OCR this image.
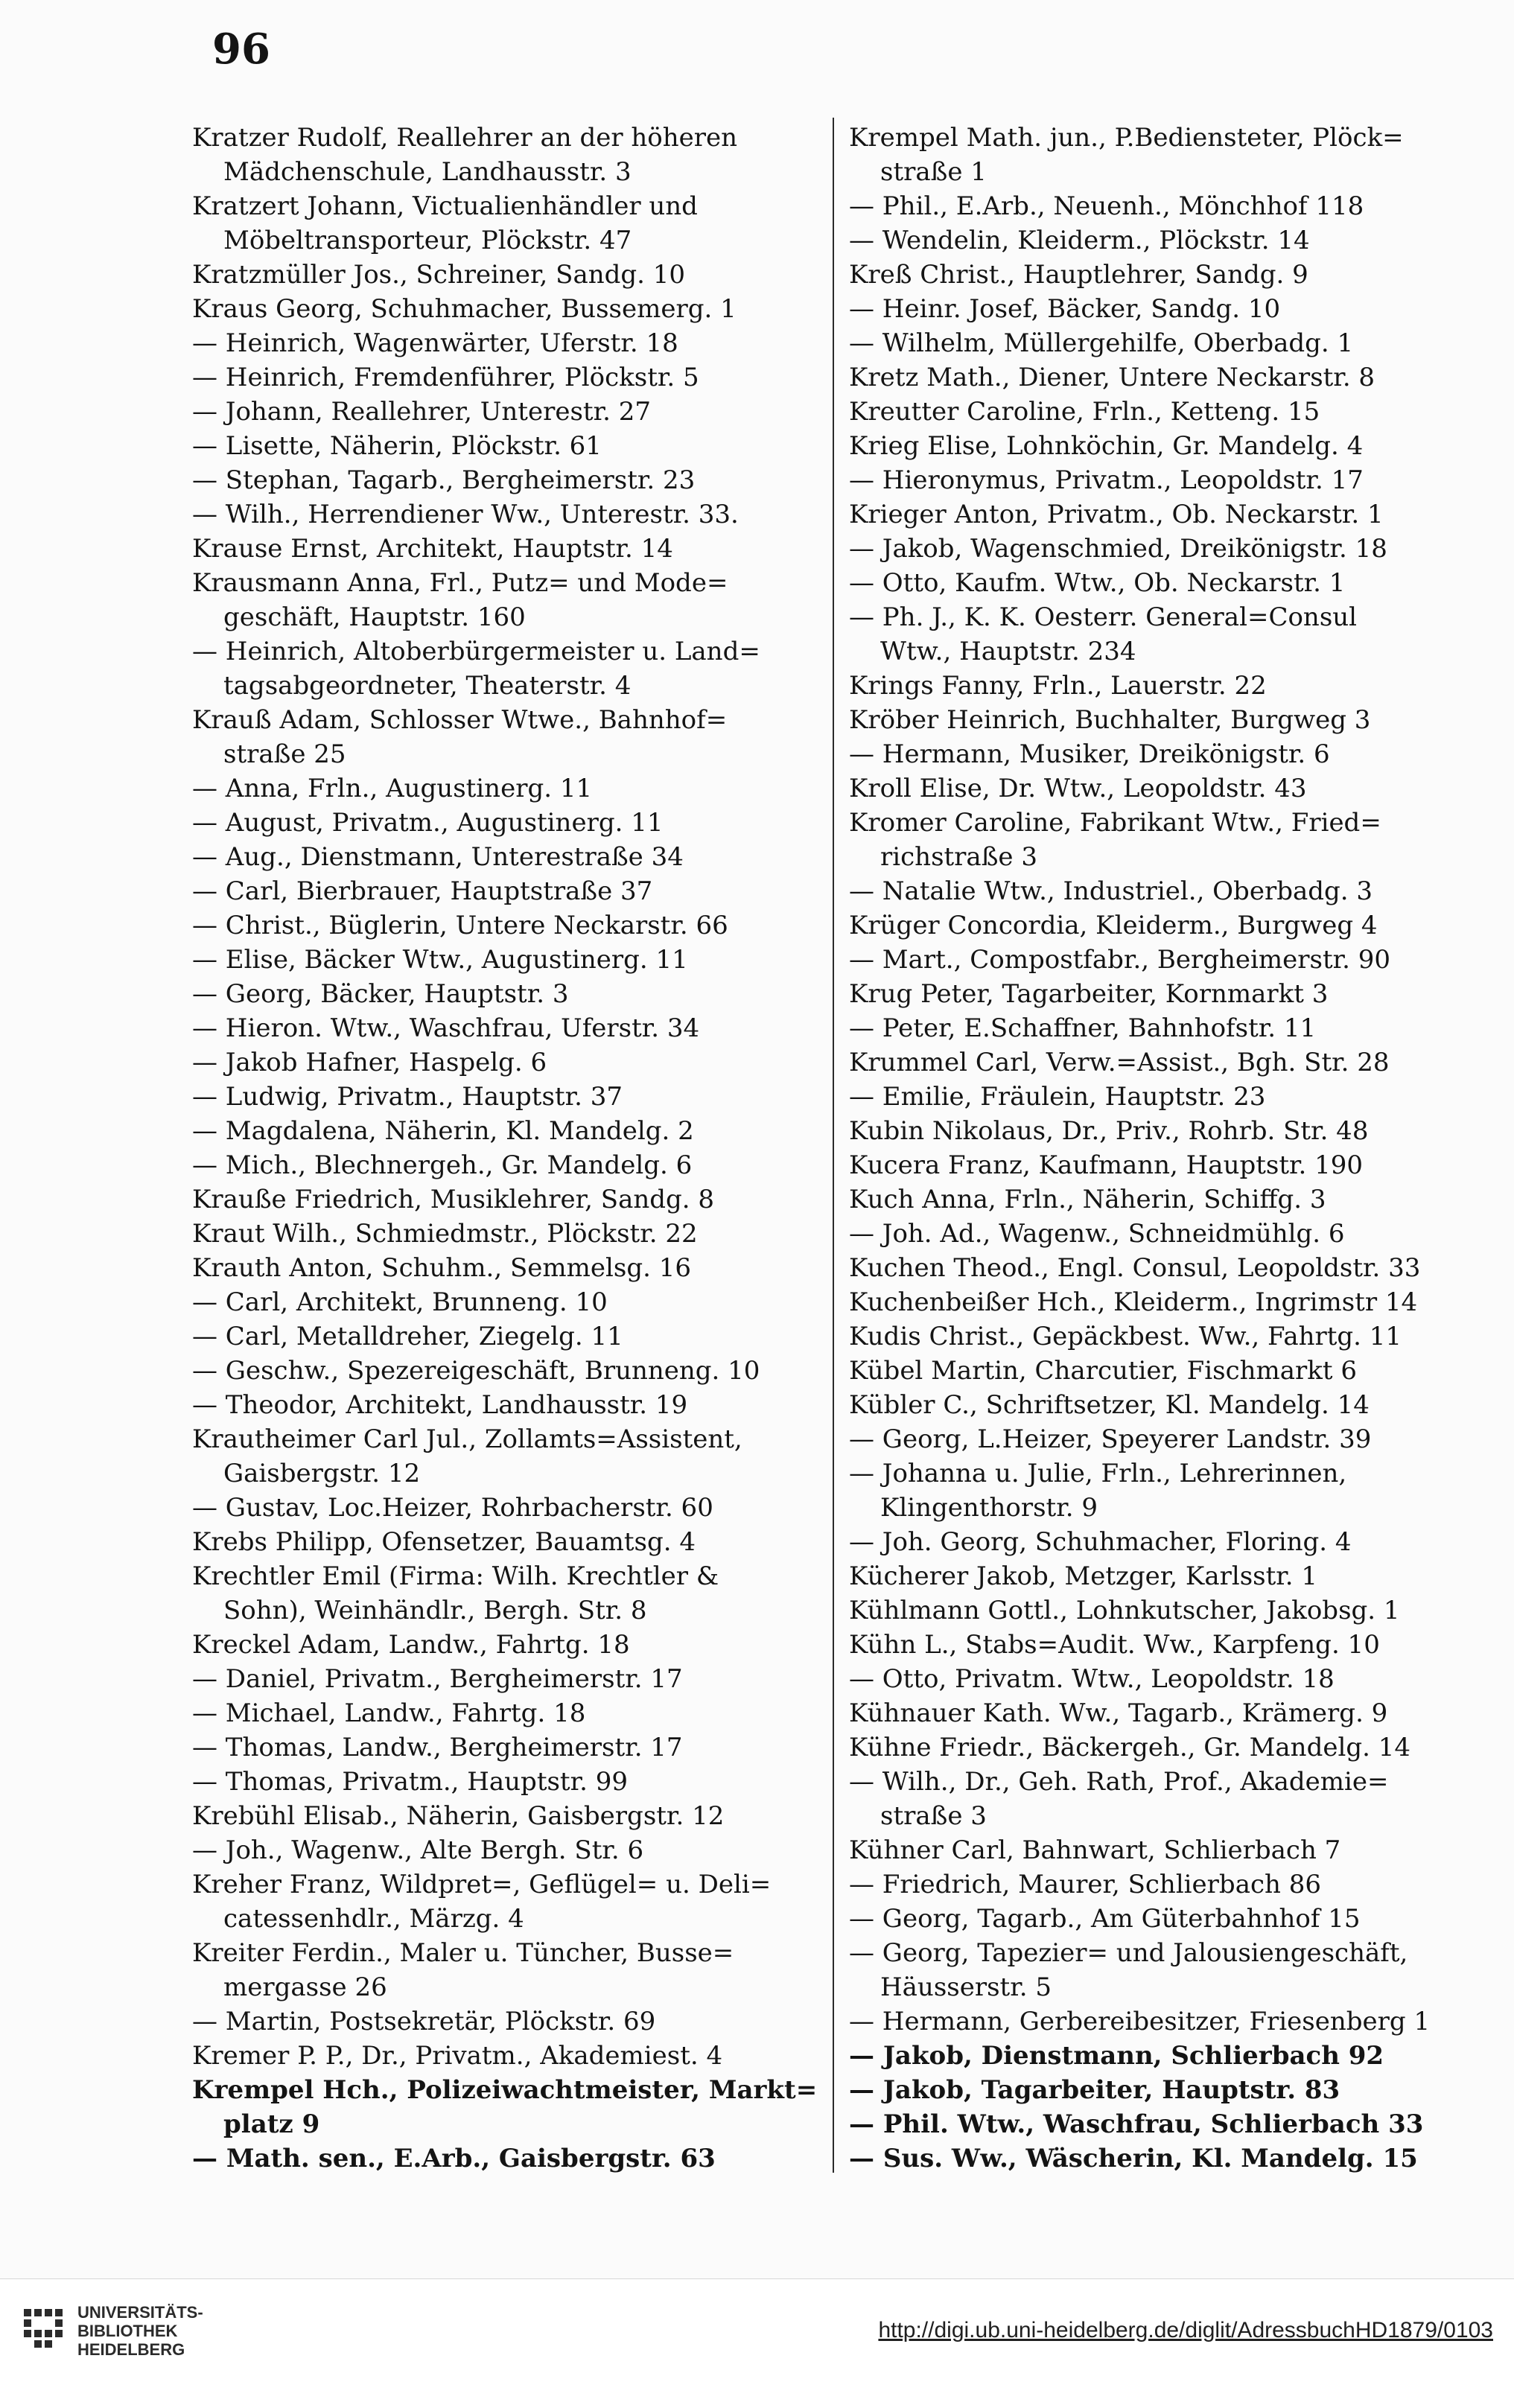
96
Kratzer Rudolf, Reallehrer an der höheren
Mädchenschule, Landhausstr. 3
Kratzert Johann, Victualienhändler und
Möbeltransporteur, Plöckstr. 47
Kratzmüller Jos., Schreiner, Sandg. 10
Kraus Georg, Schuhmacher, Bussemerg. 1
— Heinrich, Wagenwärter, Uferstr. 18
— Heinrich, Fremdenführer, Plöckstr. 5
— Johann, Reallehrer, Unterestr. 27
— Lisette, Näherin, Plöckstr. 61
— Stephan, Tagarb., Bergheimerstr. 23
— Wilh., Herrendiener Ww., Unterestr. 33.
Krause Ernst, Architekt, Hauptstr. 14
Krausmann Anna, Frl., Putz= und Mode=
geschäft, Hauptstr. 160
— Heinrich, Altoberbürgermeister u. Land=
tagsabgeordneter, Theaterstr. 4
Krauß Adam, Schlosser Wtwe., Bahnhof=
straße 25
— Anna, Frln., Augustinerg. 11
— August, Privatm., Augustinerg. 11
— Aug., Dienstmann, Unterestraße 34
— Carl, Bierbrauer, Hauptstraße 37
— Christ., Büglerin, Untere Neckarstr. 66
— Elise, Bäcker Wtw., Augustinerg. 11
— Georg, Bäcker, Hauptstr. 3
— Hieron. Wtw., Waschfrau, Uferstr. 34
— Jakob Hafner, Haspelg. 6
— Ludwig, Privatm., Hauptstr. 37
— Magdalena, Näherin, Kl. Mandelg. 2
— Mich., Blechnergeh., Gr. Mandelg. 6
Krauße Friedrich, Musiklehrer, Sandg. 8
Kraut Wilh., Schmiedmstr., Plöckstr. 22
Krauth Anton, Schuhm., Semmelsg. 16
— Carl, Architekt, Brunneng. 10
— Carl, Metalldreher, Ziegelg. 11
— Geschw., Spezereigeschäft, Brunneng. 10
— Theodor, Architekt, Landhausstr. 19
Krautheimer Carl Jul., Zollamts=Assistent,
Gaisbergstr. 12
— Gustav, Loc.Heizer, Rohrbacherstr. 60
Krebs Philipp, Ofensetzer, Bauamtsg. 4
Krechtler Emil (Firma: Wilh. Krechtler &
Sohn), Weinhändlr., Bergh. Str. 8
Kreckel Adam, Landw., Fahrtg. 18
— Daniel, Privatm., Bergheimerstr. 17
— Michael, Landw., Fahrtg. 18
— Thomas, Landw., Bergheimerstr. 17
— Thomas, Privatm., Hauptstr. 99
Krebühl Elisab., Näherin, Gaisbergstr. 12
— Joh., Wagenw., Alte Bergh. Str. 6
Kreher Franz, Wildpret=, Geflügel= u. Deli=
catessenhdlr., Märzg. 4
Kreiter Ferdin., Maler u. Tüncher, Busse=
mergasse 26
— Martin, Postsekretär, Plöckstr. 69
Kremer P. P., Dr., Privatm., Akademiest. 4
Krempel Hch., Polizeiwachtmeister, Markt=
platz 9
— Math. sen., E.Arb., Gaisbergstr. 63
Krempel Math. jun., P.Bediensteter, Plöck=
straße 1
— Phil., E.Arb., Neuenh., Mönchhof 118
— Wendelin, Kleiderm., Plöckstr. 14
Kreß Christ., Hauptlehrer, Sandg. 9
— Heinr. Josef, Bäcker, Sandg. 10
— Wilhelm, Müllergehilfe, Oberbadg. 1
Kretz Math., Diener, Untere Neckarstr. 8
Kreutter Caroline, Frln., Ketteng. 15
Krieg Elise, Lohnköchin, Gr. Mandelg. 4
— Hieronymus, Privatm., Leopoldstr. 17
Krieger Anton, Privatm., Ob. Neckarstr. 1
— Jakob, Wagenschmied, Dreikönigstr. 18
— Otto, Kaufm. Wtw., Ob. Neckarstr. 1
— Ph. J., K. K. Oesterr. General=Consul
Wtw., Hauptstr. 234
Krings Fanny, Frln., Lauerstr. 22
Kröber Heinrich, Buchhalter, Burgweg 3
— Hermann, Musiker, Dreikönigstr. 6
Kroll Elise, Dr. Wtw., Leopoldstr. 43
Kromer Caroline, Fabrikant Wtw., Fried=
richstraße 3
— Natalie Wtw., Industriel., Oberbadg. 3
Krüger Concordia, Kleiderm., Burgweg 4
— Mart., Compostfabr., Bergheimerstr. 90
Krug Peter, Tagarbeiter, Kornmarkt 3
— Peter, E.Schaffner, Bahnhofstr. 11
Krummel Carl, Verw.=Assist., Bgh. Str. 28
— Emilie, Fräulein, Hauptstr. 23
Kubin Nikolaus, Dr., Priv., Rohrb. Str. 48
Kucera Franz, Kaufmann, Hauptstr. 190
Kuch Anna, Frln., Näherin, Schiffg. 3
— Joh. Ad., Wagenw., Schneidmühlg. 6
Kuchen Theod., Engl. Consul, Leopoldstr. 33
Kuchenbeißer Hch., Kleiderm., Ingrimstr 14
Kudis Christ., Gepäckbest. Ww., Fahrtg. 11
Kübel Martin, Charcutier, Fischmarkt 6
Kübler C., Schriftsetzer, Kl. Mandelg. 14
— Georg, L.Heizer, Speyerer Landstr. 39
— Johanna u. Julie, Frln., Lehrerinnen,
Klingenthorstr. 9
— Joh. Georg, Schuhmacher, Floring. 4
Kücherer Jakob, Metzger, Karlsstr. 1
Kühlmann Gottl., Lohnkutscher, Jakobsg. 1
Kühn L., Stabs=Audit. Ww., Karpfeng. 10
— Otto, Privatm. Wtw., Leopoldstr. 18
Kühnauer Kath. Ww., Tagarb., Krämerg. 9
Kühne Friedr., Bäckergeh., Gr. Mandelg. 14
— Wilh., Dr., Geh. Rath, Prof., Akademie=
straße 3
Kühner Carl, Bahnwart, Schlierbach 7
— Friedrich, Maurer, Schlierbach 86
— Georg, Tagarb., Am Güterbahnhof 15
— Georg, Tapezier= und Jalousiengeschäft,
Häusserstr. 5
— Hermann, Gerbereibesitzer, Friesenberg 1
— Jakob, Dienstmann, Schlierbach 92
— Jakob, Tagarbeiter, Hauptstr. 83
— Phil. Wtw., Waschfrau, Schlierbach 33
— Sus. Ww., Wäscherin, Kl. Mandelg. 15
UNIVERSITÄTS-
BIBLIOTHEK
HEIDELBERG
http://digi.ub.uni-heidelberg.de/diglit/AdressbuchHD1879/0103
